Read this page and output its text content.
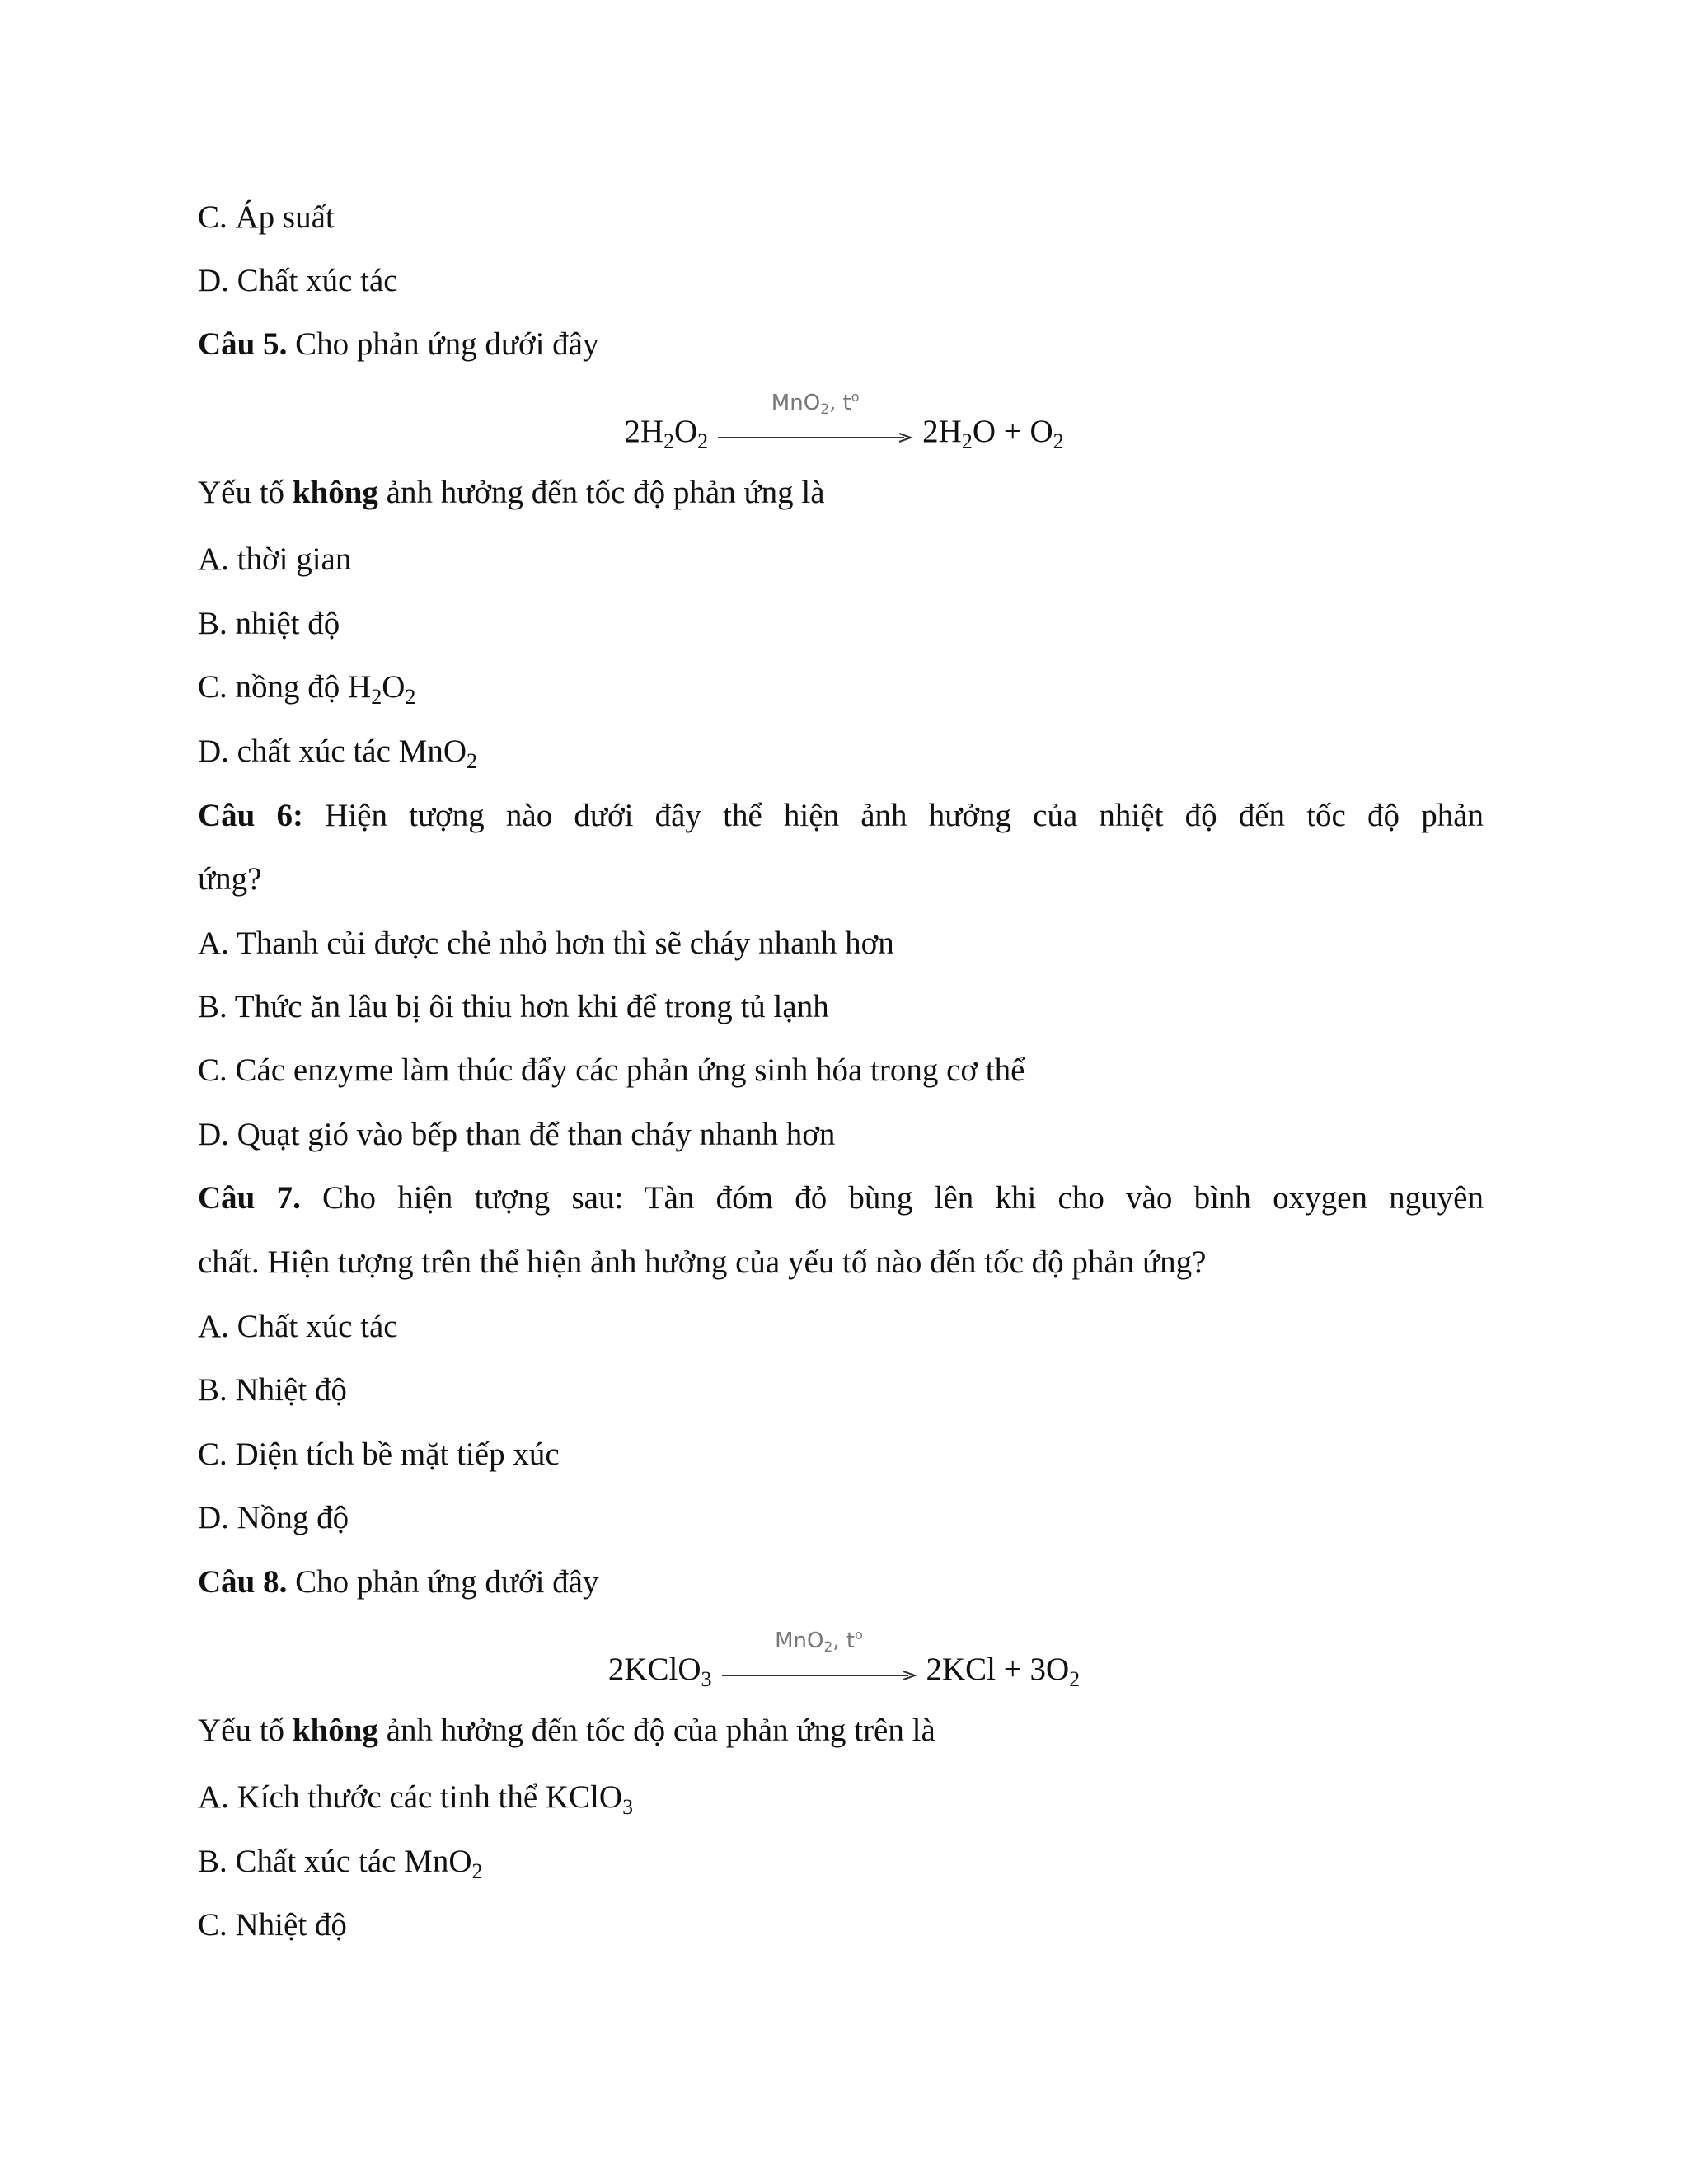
C. Áp suất
D. Chất xúc tác
Câu 5. Cho phản ứng dưới đây
$2H_2O_2$
MnO$_2$, $t^o$
$2H_2O + O_2$
Yếu tố không ảnh hưởng đến tốc độ phản ứng là
A. thời gian
B. nhiệt độ
C. nồng độ $H_2O_2$
D. chất xúc tác MnO$_2$
Câu 6: Hiện tượng nào dưới đây thể hiện ảnh hưởng của nhiệt độ đến tốc độ phản
ứng?
A. Thanh củi được chẻ nhỏ hơn thì sẽ cháy nhanh hơn
B. Thức ăn lâu bị ôi thiu hơn khi để trong tủ lạnh
C. Các enzyme làm thúc đẩy các phản ứng sinh hóa trong cơ thể
D. Quạt gió vào bếp than để than cháy nhanh hơn
Câu 7. Cho hiện tượng sau: Tàn đóm đỏ bùng lên khi cho vào bình oxygen nguyên
chất. Hiện tượng trên thể hiện ảnh hưởng của yếu tố nào đến tốc độ phản ứng?
A. Chất xúc tác
B. Nhiệt độ
C. Diện tích bề mặt tiếp xúc
D. Nồng độ
Câu 8. Cho phản ứng dưới đây
2KClO$_3$
MnO$_2$, $t^o$
$2KCl + 3O_2$
Yếu tố không ảnh hưởng đến tốc độ của phản ứng trên là
A. Kích thước các tinh thể KClO$_3$
B. Chất xúc tác MnO$_2$
C. Nhiệt độ
